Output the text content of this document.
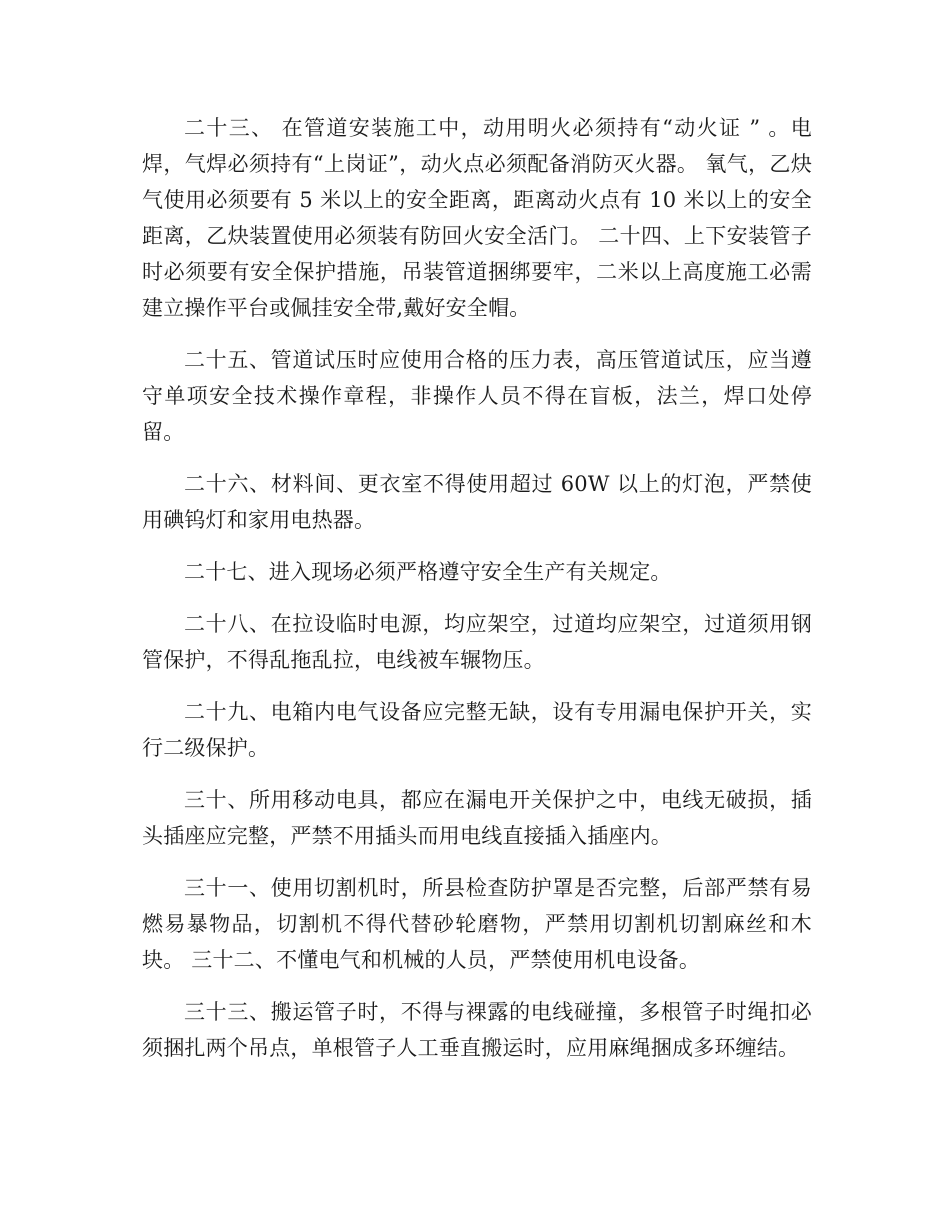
二十三、 在管道安装施工中，动用明火必须持有“动火证 ” 。电焊，气焊必须持有“上岗证”，动火点必须配备消防灭火器。 氧气，乙炔气使用必须要有 5 米以上的安全距离，距离动火点有 10 米以上的安全距离，乙炔装置使用必须装有防回火安全活门。 二十四、上下安装管子时必须要有安全保护措施，吊装管道捆绑要牢，二米以上高度施工必需建立操作平台或佩挂安全带,戴好安全帽。

二十五、管道试压时应使用合格的压力表，高压管道试压，应当遵守单项安全技术操作章程，非操作人员不得在盲板，法兰，焊口处停留。

二十六、材料间、更衣室不得使用超过 60W 以上的灯泡，严禁使用碘钨灯和家用电热器。

二十七、进入现场必须严格遵守安全生产有关规定。

二十八、在拉设临时电源，均应架空，过道均应架空，过道须用钢管保护，不得乱拖乱拉，电线被车辗物压。

二十九、电箱内电气设备应完整无缺，设有专用漏电保护开关，实行二级保护。

三十、所用移动电具，都应在漏电开关保护之中，电线无破损，插头插座应完整，严禁不用插头而用电线直接插入插座内。

三十一、使用切割机时，所县检查防护罩是否完整，后部严禁有易燃易暴物品，切割机不得代替砂轮磨物，严禁用切割机切割麻丝和木块。 三十二、不懂电气和机械的人员，严禁使用机电设备。

三十三、搬运管子时，不得与裸露的电线碰撞，多根管子时绳扣必须捆扎两个吊点，单根管子人工垂直搬运时，应用麻绳捆成多环缠结。
